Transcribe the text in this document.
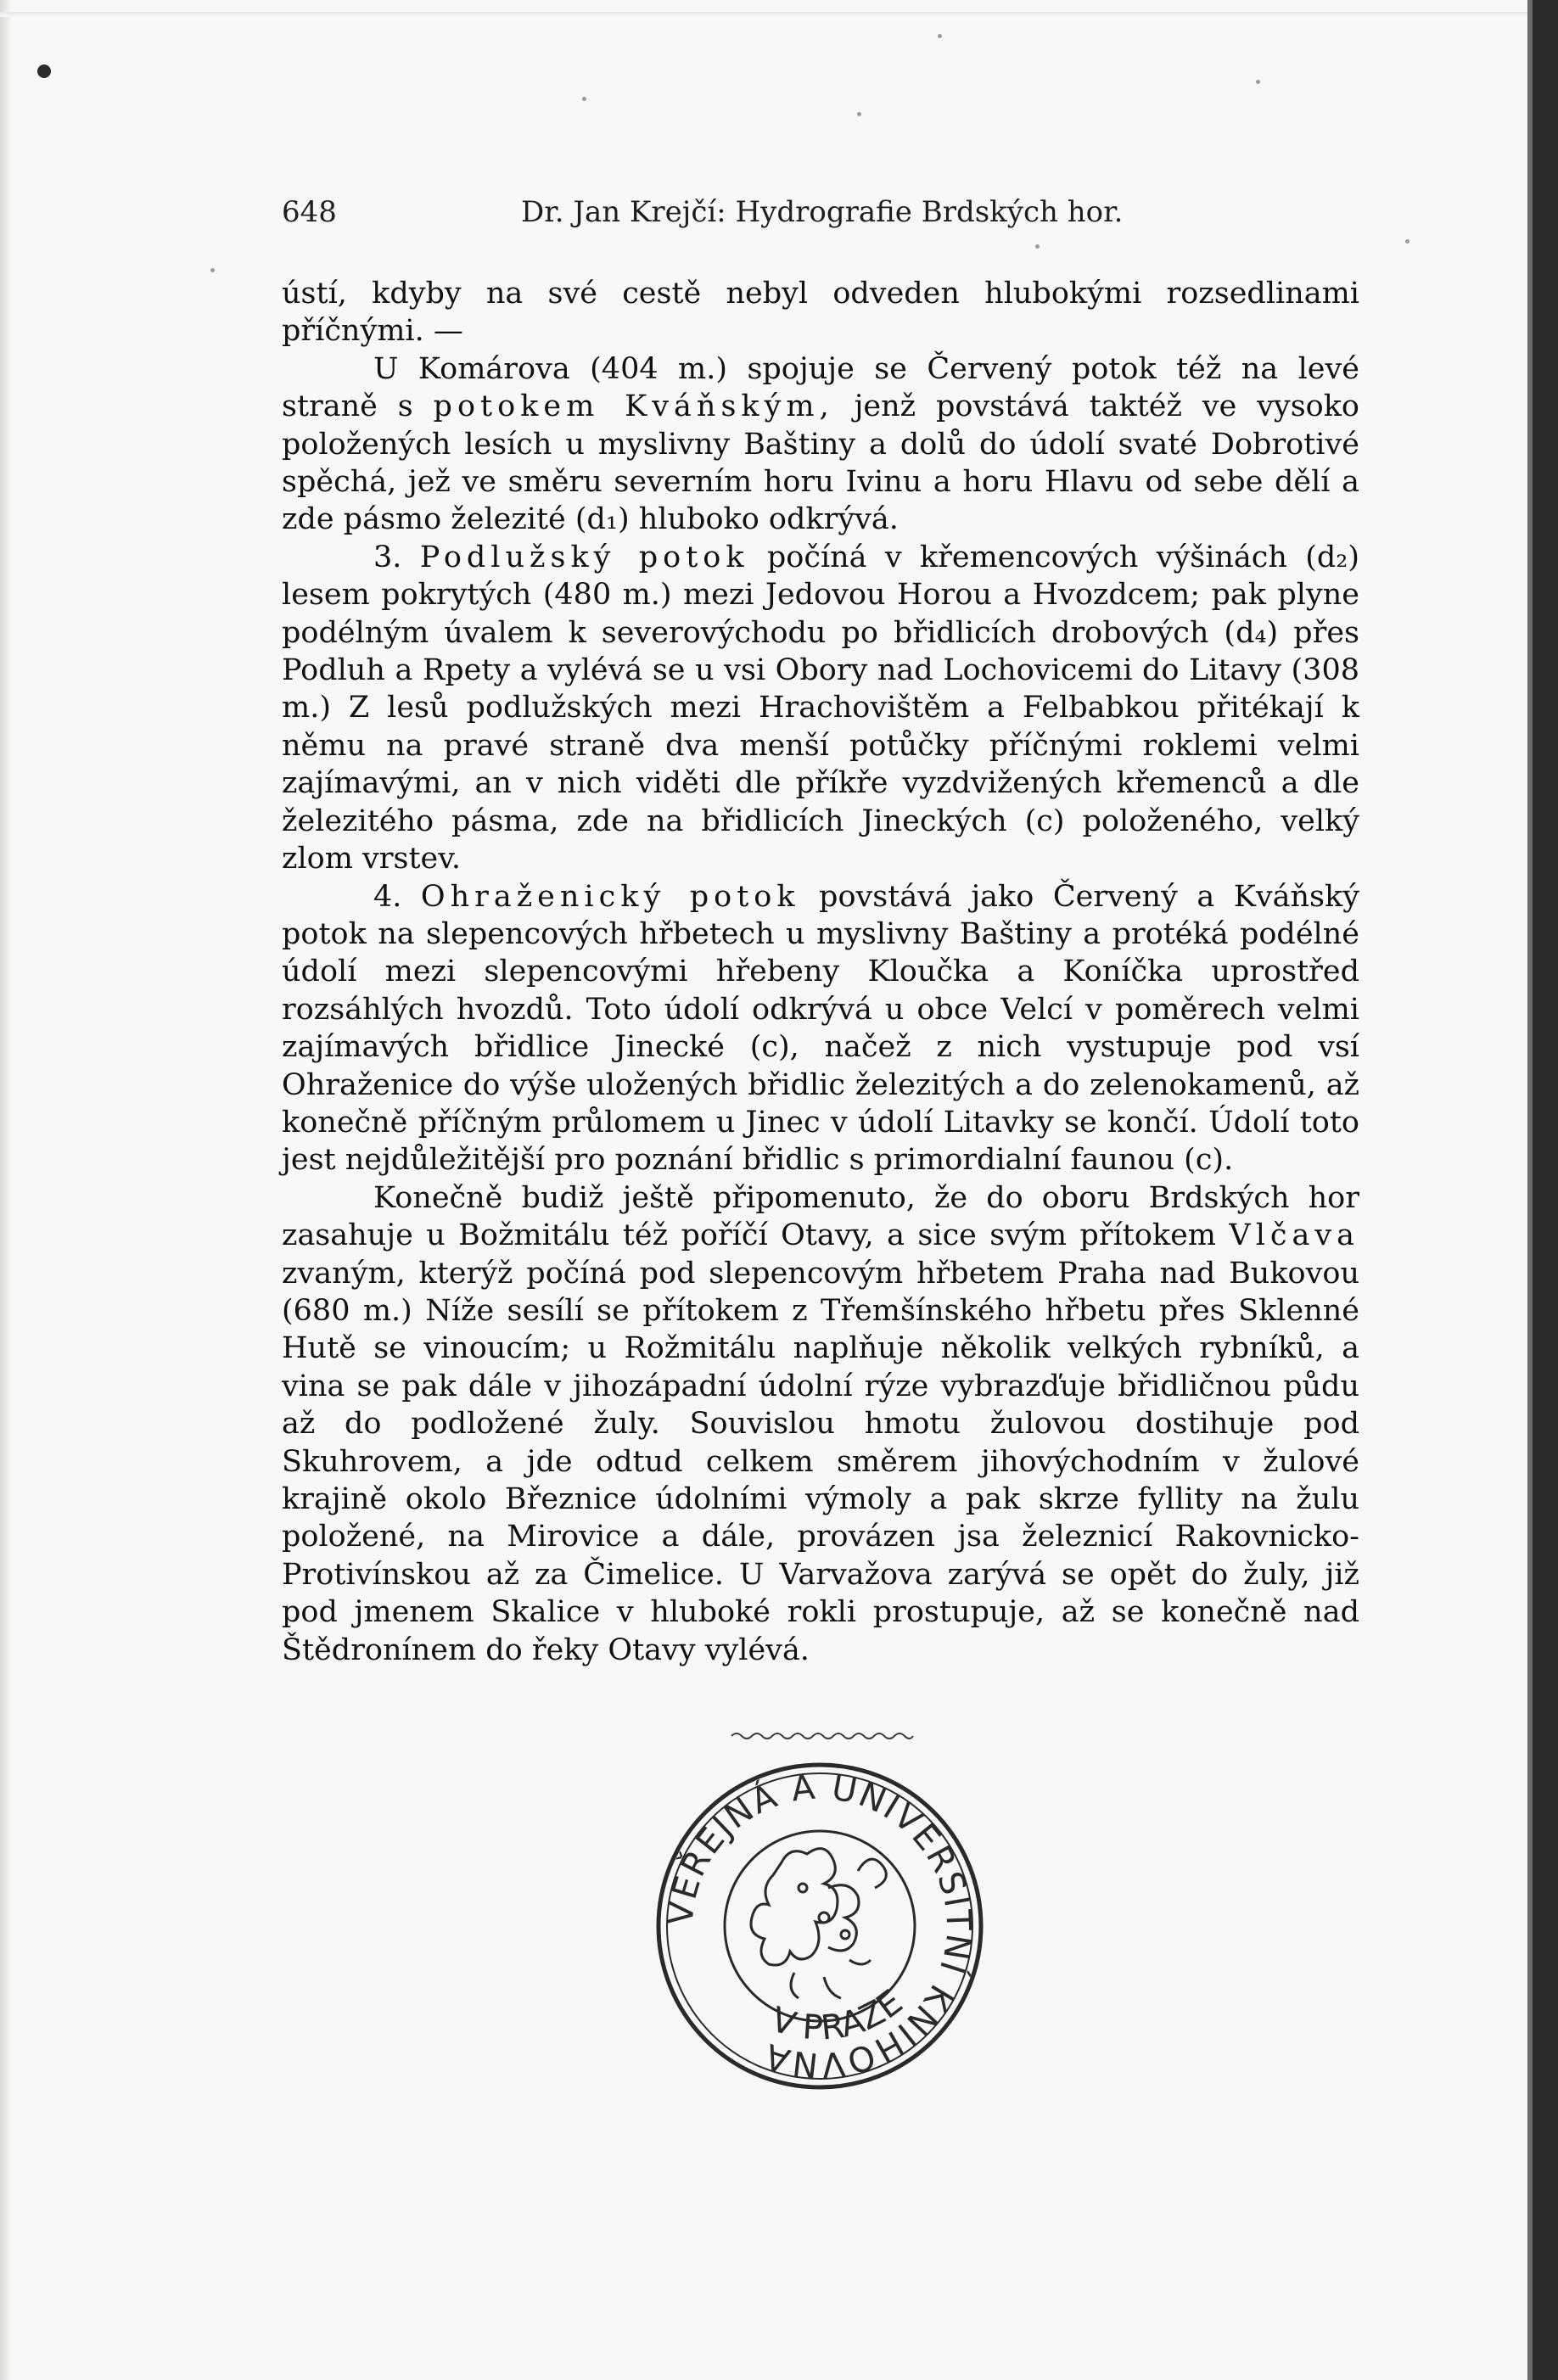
648	Dr. Jan Krejčí: Hydrografie Brdských hor.

ústí, kdyby na své cestě nebyl odveden hlubokými rozsedlinami příčnými. —

U Komárova (404 m.) spojuje se Červený potok též na levé straně s potokem Kváňským, jenž povstává taktéž ve vysoko položených lesích u myslivny Baštiny a dolů do údolí svaté Dobrotivé spěchá, jež ve směru severním horu Ivinu a horu Hlavu od sebe dělí a zde pásmo železité (d₁) hluboko odkrývá.

3. Podlužský potok počíná v křemencových výšinách (d₂) lesem pokrytých (480 m.) mezi Jedovou Horou a Hvozdcem; pak plyne podélným úvalem k severovýchodu po břidlicích drobových (d₄) přes Podluh a Rpety a vylévá se u vsi Obory nad Lochovicemi do Litavy (308 m.) Z lesů podlužských mezi Hrachovištěm a Felbabkou přitékají k němu na pravé straně dva menší potůčky příčnými roklemi velmi zajímavými, an v nich viděti dle příkře vyzdvižených křemenců a dle železitého pásma, zde na břidlicích Jineckých (c) položeného, velký zlom vrstev.

4. Ohraženický potok povstává jako Červený a Kváňský potok na slepencových hřbetech u myslivny Baštiny a protéká podélné údolí mezi slepencovými hřebeny Kloučka a Koníčka uprostřed rozsáhlých hvozdů. Toto údolí odkrývá u obce Velcí v poměrech velmi zajímavých břidlice Jinecké (c), načež z nich vystupuje pod vsí Ohraženice do výše uložených břidlic železitých a do zelenokamenů, až konečně příčným průlomem u Jinec v údolí Litavky se končí. Údolí toto jest nejdůležitější pro poznání břidlic s primordialní faunou (c).

Konečně budiž ještě připomenuto, že do oboru Brdských hor zasahuje u Božmitálu též poříčí Otavy, a sice svým přítokem Vlčava zvaným, kterýž počíná pod slepencovým hřbetem Praha nad Bukovou (680 m.) Níže sesílí se přítokem z Třemšínského hřbetu přes Sklenné Hutě se vinoucím; u Rožmitálu naplňuje několik velkých rybníků, a vina se pak dále v jihozápadní údolní rýze vybrazďuje břidličnou půdu až do podložené žuly. Souvislou hmotu žulovou dostihuje pod Skuhrovem, a jde odtud celkem směrem jihovýchodním v žulové krajině okolo Březnice údolními výmoly a pak skrze fyllity na žulu položené, na Mirovice a dále, provázen jsa železnicí Rakovnicko-Protivínskou až za Čimelice. U Varvažova zarývá se opět do žuly, již pod jmenem Skalice v hluboké rokli prostupuje, až se konečně nad Štědronínem do řeky Otavy vylévá.

VEŘEJNÁ A UNIVERSITNÍ KNIHOVNA
V PRAZE
